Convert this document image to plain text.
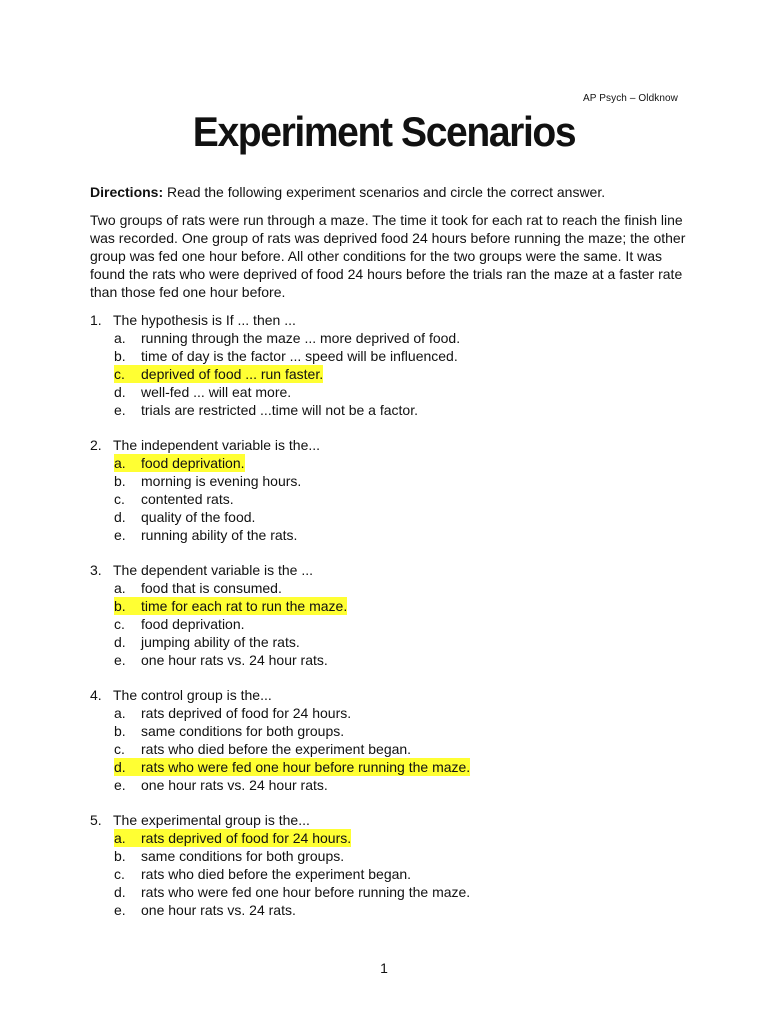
AP Psych – Oldknow
Experiment Scenarios

Directions: Read the following experiment scenarios and circle the correct answer.

Two groups of rats were run through a maze. The time it took for each rat to reach the finish line was recorded. One group of rats was deprived food 24 hours before running the maze; the other group was fed one hour before. All other conditions for the two groups were the same. It was found the rats who were deprived of food 24 hours before the trials ran the maze at a faster rate than those fed one hour before.

1. The hypothesis is If ... then ...
a.	running through the maze ... more deprived of food.
b.	time of day is the factor ... speed will be influenced.
c.	deprived of food ... run faster.
d.	well-fed ... will eat more.
e.	trials are restricted ...time will not be a factor.
2. The independent variable is the...
a.	food deprivation.
b.	morning is evening hours.
c.	contented rats.
d.	quality of the food.
e.	running ability of the rats.
3. The dependent variable is the ...
a.	food that is consumed.
b.	time for each rat to run the maze.
c.	food deprivation.
d.	jumping ability of the rats.
e.	one hour rats vs. 24 hour rats.
4. The control group is the...
a.	rats deprived of food for 24 hours.
b.	same conditions for both groups.
c.	rats who died before the experiment began.
d.	rats who were fed one hour before running the maze.
e.	one hour rats vs. 24 hour rats.
5. The experimental group is the...
a.	rats deprived of food for 24 hours.
b.	same conditions for both groups.
c.	rats who died before the experiment began.
d.	rats who were fed one hour before running the maze.
e.	one hour rats vs. 24 rats.
1
